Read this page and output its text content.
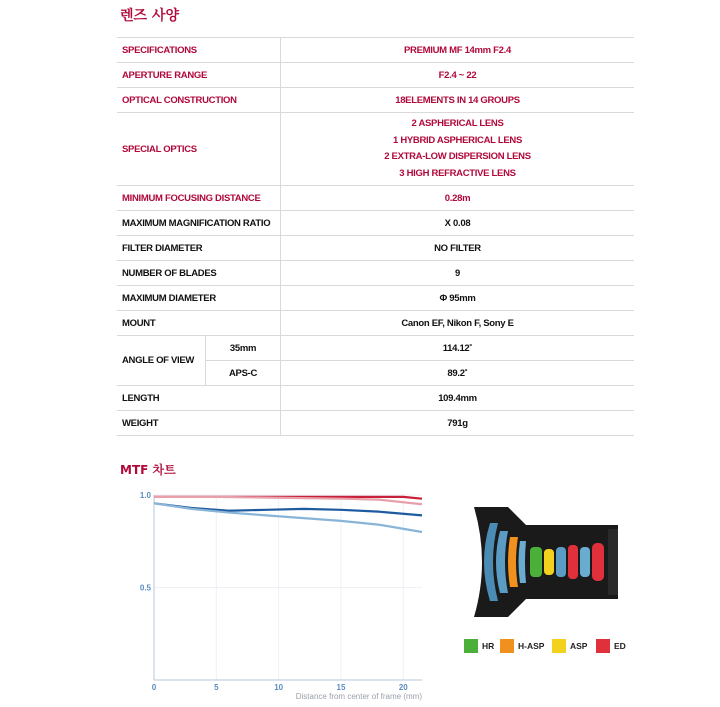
렌즈 사양
SPECIFICATIONS		PREMIUM MF 14mm F2.4
APERTURE RANGE		F2.4 ~ 22
OPTICAL CONSTRUCTION		18ELEMENTS IN 14 GROUPS
SPECIAL OPTICS		2 ASPHERICAL LENS
1 HYBRID ASPHERICAL LENS
2 EXTRA-LOW DISPERSION LENS
3 HIGH REFRACTIVE LENS

MINIMUM FOCUSING DISTANCE		0.28m
MAXIMUM MAGNIFICATION RATIO		X 0.08
FILTER DIAMETER		NO FILTER
NUMBER OF BLADES		9
MAXIMUM DIAMETER		Φ 95mm
MOUNT		Canon EF, Nikon F, Sony E
ANGLE OF VIEW	35mm	114.12˚
	APS-C	89.2˚
LENGTH		109.4mm
WEIGHT		791g
MTF 차트
0	5	10	15	20
0.5
1.0
Distance from center of frame (mm)
HR	H-ASP	ASP	ED
